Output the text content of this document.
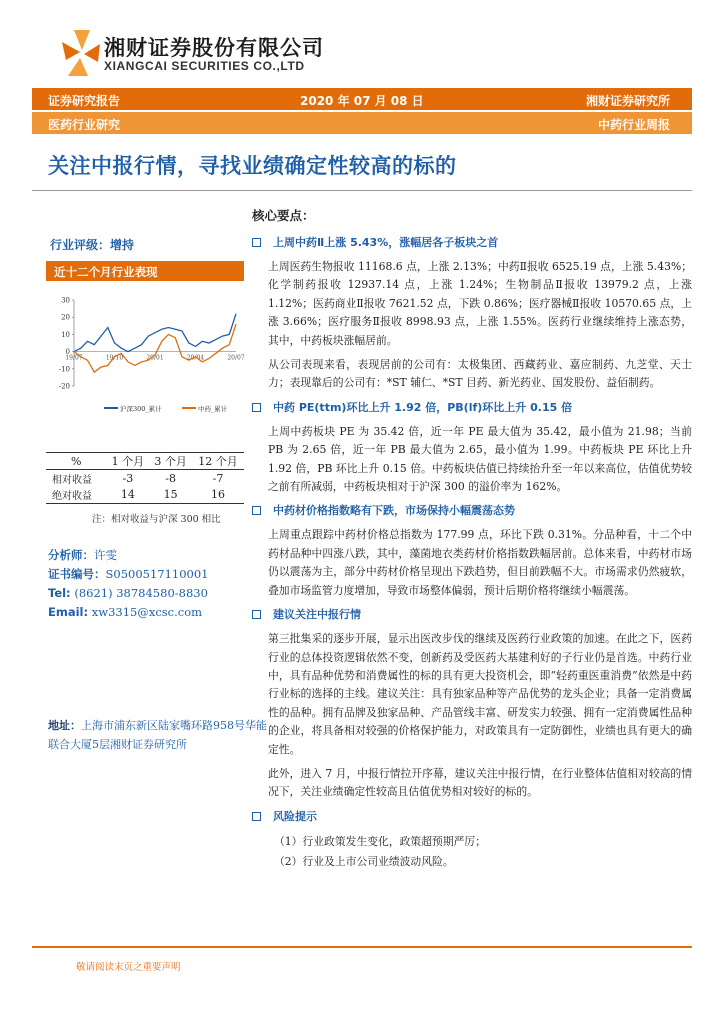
湘财证券股份有限公司
XIANGCAI SECURITIES CO.,LTD
证券研究报告	2020 年 07 月 08 日	湘财证券研究所
医药行业研究	中药行业周报
关注中报行情，寻找业绩确定性较高的标的
行业评级：增持
近十二个月行业表现
-20
-10
0
10
20
30
19/07	19/10	20/01	20/04	20/07
沪深300_累计	中药_累计
%	1 个月	3 个月	12 个月
相对收益	-3	-8	-7
绝对收益	14	15	16
注：相对收益与沪深 300 相比
分析师：许雯
证书编号：S0500517110001
Tel: (8621) 38784580-8830
Email: xw3315@xcsc.com
地址：上海市浦东新区陆家嘴环路958号华能联合大厦5层湘财证券研究所
核心要点：
上周中药Ⅱ上涨 5.43%，涨幅居各子板块之首

上周医药生物报收 11168.6 点，上涨 2.13%；中药Ⅱ报收 6525.19 点，上涨 5.43%；化学制药报收 12937.14 点，上涨 1.24%；生物制品Ⅱ报收 13979.2 点，上涨 1.12%；医药商业Ⅱ报收 7621.52 点，下跌 0.86%；医疗器械Ⅱ报收 10570.65 点，上涨 3.66%；医疗服务Ⅱ报收 8998.93 点，上涨 1.55%。医药行业继续维持上涨态势，其中，中药板块涨幅居前。

从公司表现来看，表现居前的公司有：太极集团、西藏药业、嘉应制药、九芝堂、天士力；表现靠后的公司有：*ST 辅仁、*ST 目药、新光药业、国发股份、益佰制药。

中药 PE(ttm)环比上升 1.92 倍，PB(lf)环比上升 0.15 倍

上周中药板块 PE 为 35.42 倍，近一年 PE 最大值为 35.42，最小值为 21.98；当前 PB 为 2.65 倍，近一年 PB 最大值为 2.65，最小值为 1.99。中药板块 PE 环比上升 1.92 倍，PB 环比上升 0.15 倍。中药板块估值已持续抬升至一年以来高位，估值优势较之前有所减弱，中药板块相对于沪深 300 的溢价率为 162%。

中药材价格指数略有下跌，市场保持小幅震荡态势

上周重点跟踪中药材价格总指数为 177.99 点，环比下跌 0.31%。分品种看，十二个中药材品种中四涨八跌，其中，藻菌地衣类药材价格指数跌幅居前。总体来看，中药材市场仍以震荡为主，部分中药材价格呈现出下跌趋势，但目前跌幅不大。市场需求仍然疲软，叠加市场监管力度增加，导致市场整体偏弱，预计后期价格将继续小幅震荡。

建议关注中报行情

第三批集采的逐步开展，显示出医改步伐的继续及医药行业政策的加速。在此之下，医药行业的总体投资逻辑依然不变，创新药及受医药大基建利好的子行业仍是首选。中药行业中，具有品种优势和消费属性的标的具有更大投资机会，即“轻药重医重消费”依然是中药行业标的选择的主线。建议关注：具有独家品种等产品优势的龙头企业；具备一定消费属性的品种。拥有品牌及独家品种、产品管线丰富、研发实力较强、拥有一定消费属性品种的企业，将具备相对较强的价格保护能力，对政策具有一定防御性，业绩也具有更大的确定性。

此外，进入 7 月，中报行情拉开序幕，建议关注中报行情，在行业整体估值相对较高的情况下，关注业绩确定性较高且估值优势相对较好的标的。

风险提示
（1）行业政策发生变化，政策超预期严厉；
（2）行业及上市公司业绩波动风险。
敬请阅读末页之重要声明
